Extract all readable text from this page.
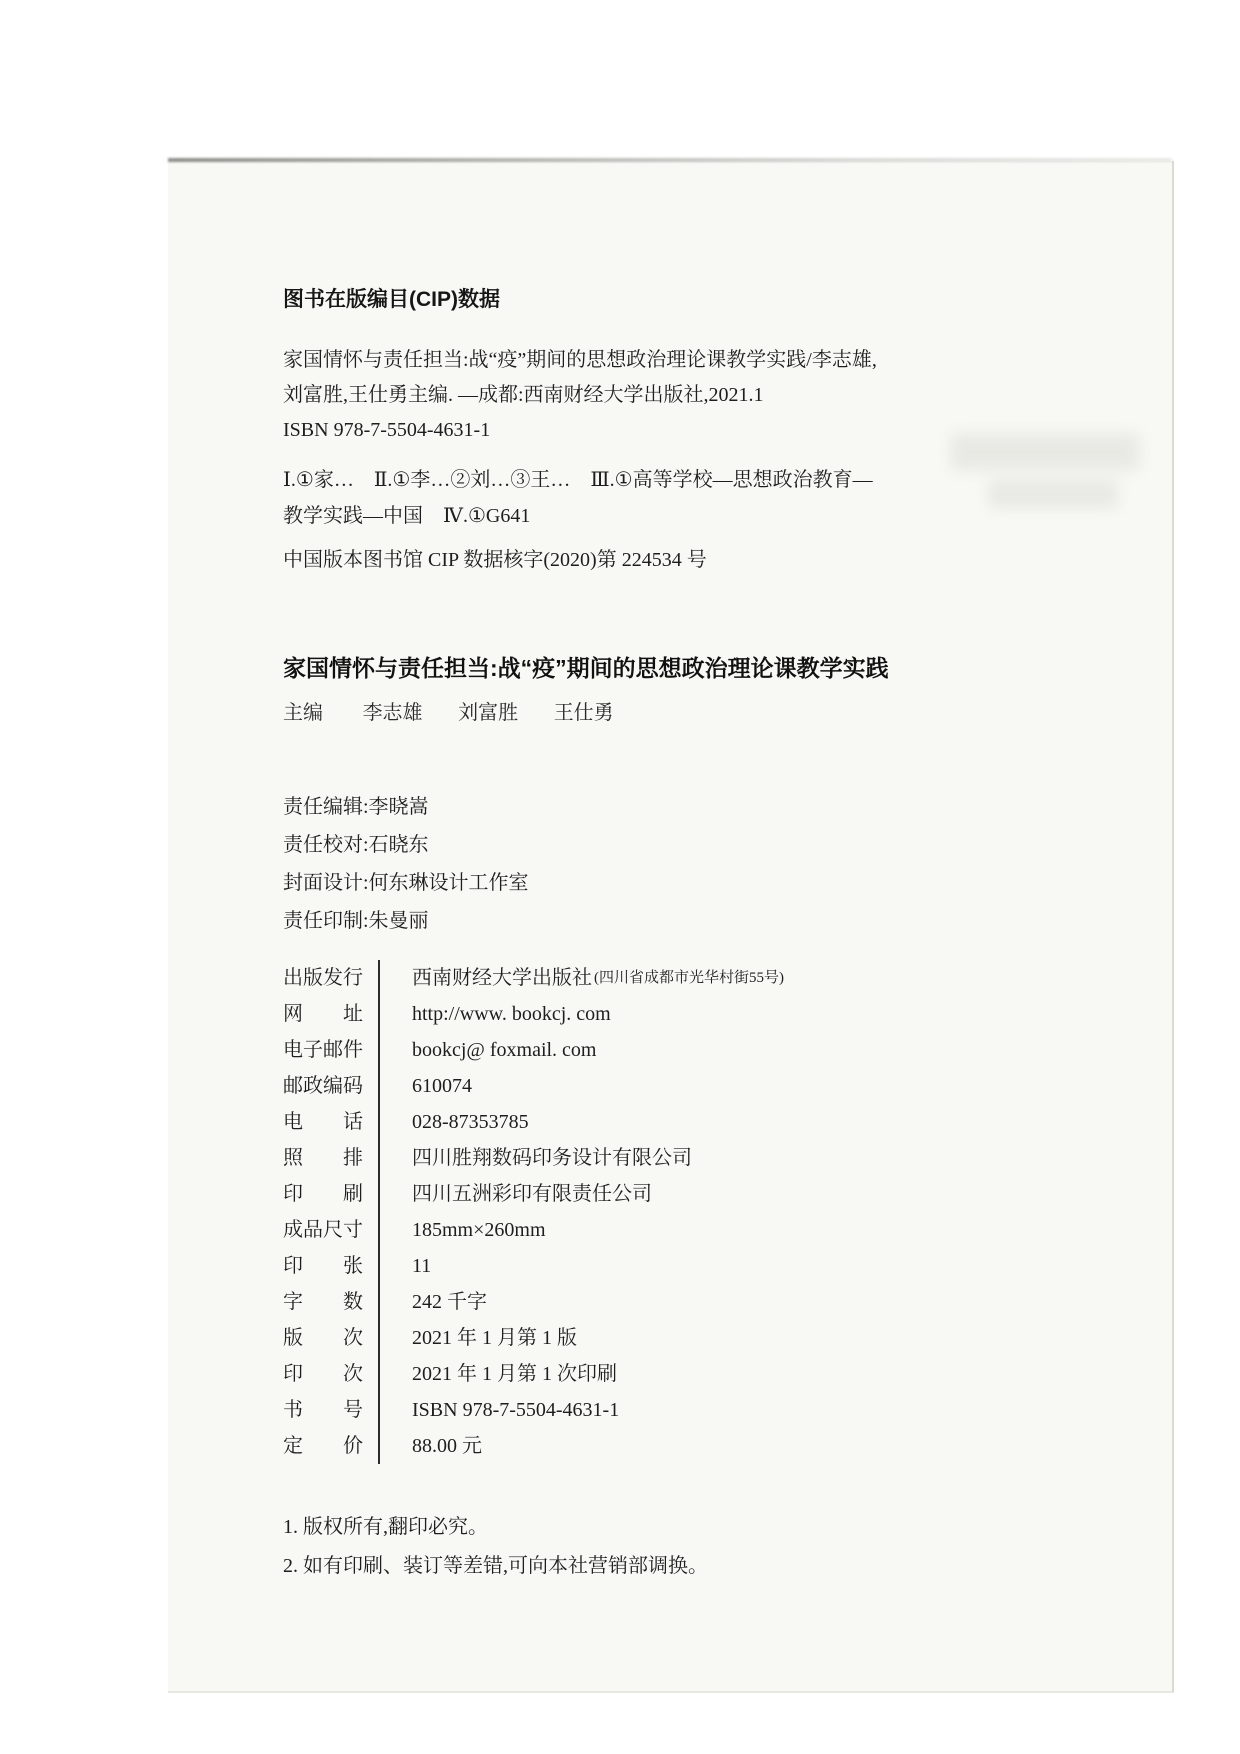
图书在版编目(CIP)数据
家国情怀与责任担当:战“疫”期间的思想政治理论课教学实践/李志雄,
刘富胜,王仕勇主编. —成都:西南财经大学出版社,2021.1
ISBN 978-7-5504-4631-1
Ⅰ.①家…　Ⅱ.①李…②刘…③王…　Ⅲ.①高等学校—思想政治教育—
教学实践—中国　Ⅳ.①G641
中国版本图书馆 CIP 数据核字(2020)第 224534 号
家国情怀与责任担当:战“疫”期间的思想政治理论课教学实践
主编 李志雄 刘富胜 王仕勇
责任编辑:李晓嵩
责任校对:石晓东
封面设计:何东琳设计工作室
责任印制:朱曼丽
出版发行	西南财经大学出版社 (四川省成都市光华村街55号)
网　　址	http://www. bookcj. com
电子邮件	bookcj@ foxmail. com
邮政编码	610074
电　　话	028-87353785
照　　排	四川胜翔数码印务设计有限公司
印　　刷	四川五洲彩印有限责任公司
成品尺寸	185mm×260mm
印　　张	11
字　　数	242 千字
版　　次	2021 年 1 月第 1 版
印　　次	2021 年 1 月第 1 次印刷
书　　号	ISBN 978-7-5504-4631-1
定　　价	88.00 元
1. 版权所有,翻印必究。
2. 如有印刷、装订等差错,可向本社营销部调换。
